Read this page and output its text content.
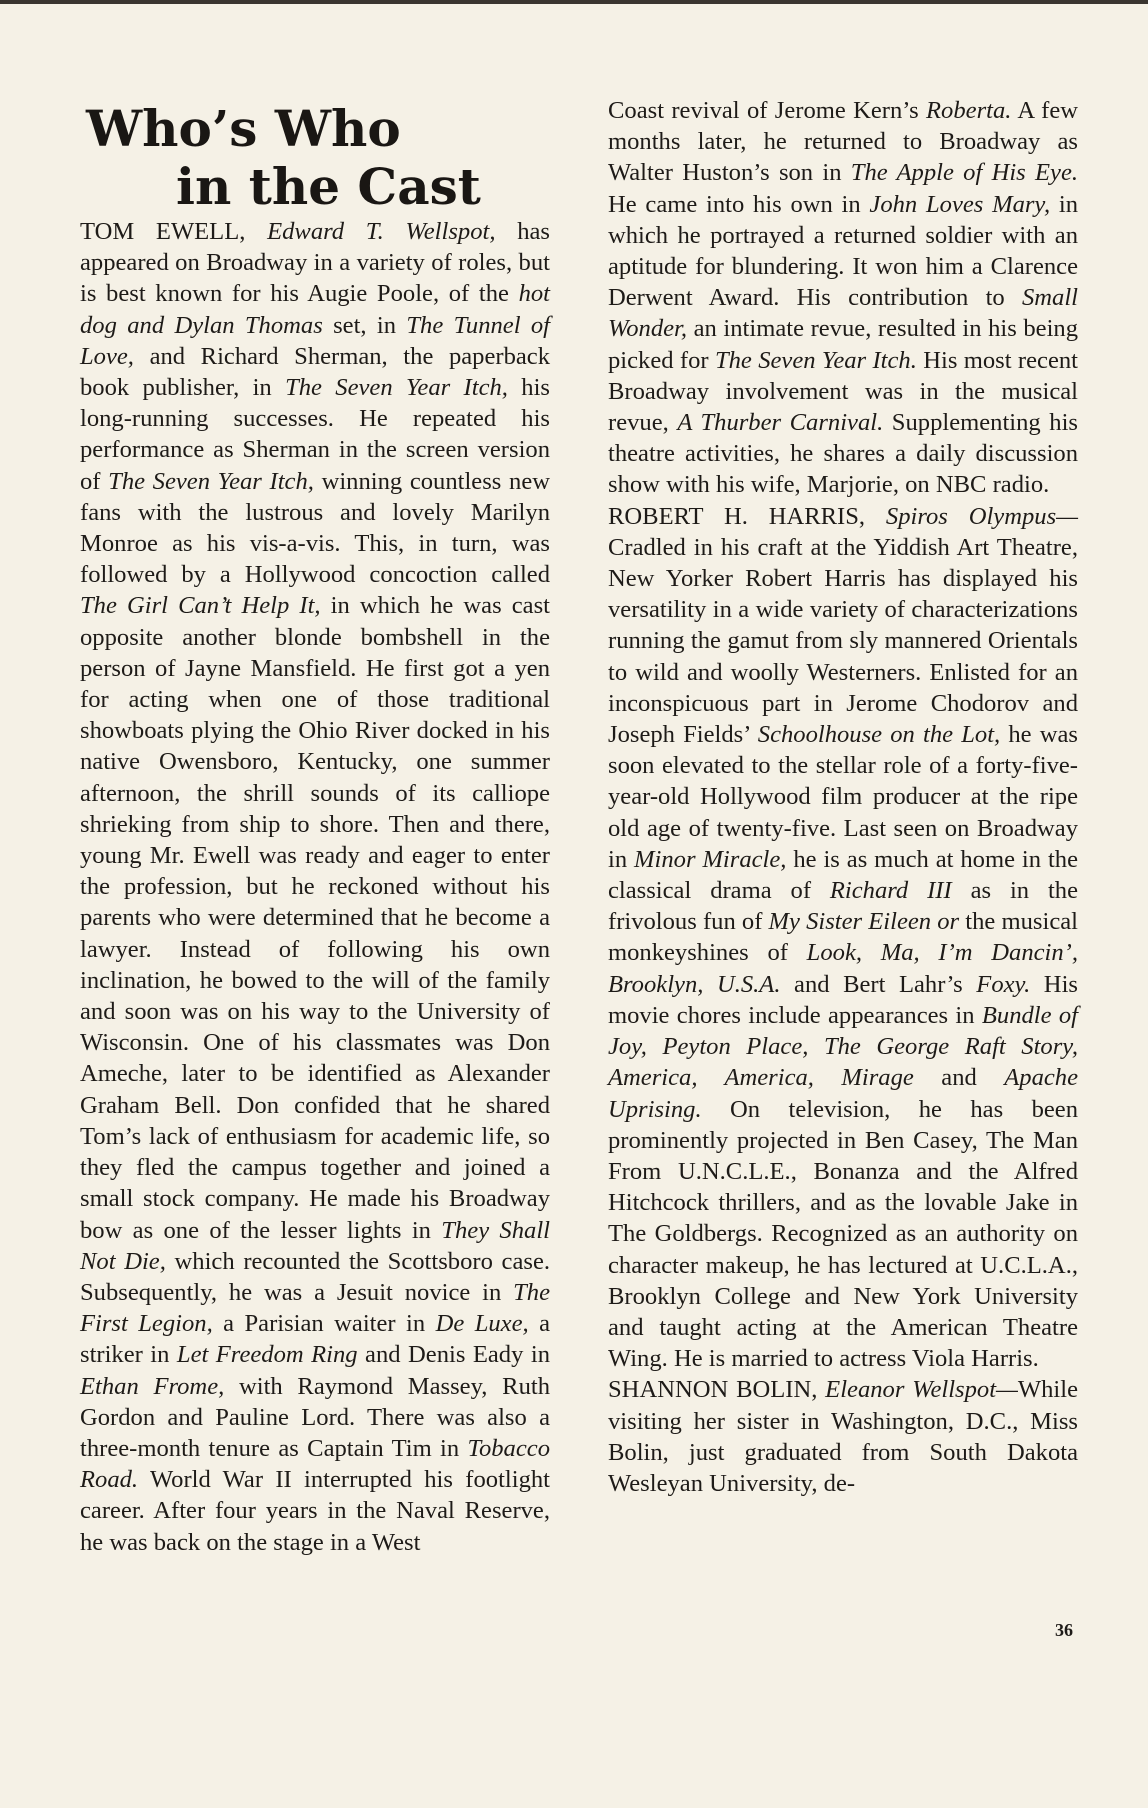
Who’s Who
in the Cast

TOM EWELL, Edward T. Wellspot, has appeared on Broadway in a variety of roles, but is best known for his Augie Poole, of the hot dog and Dylan Thomas set, in The Tunnel of Love, and Richard Sherman, the paperback book publisher, in The Seven Year Itch, his long-running successes. He repeated his performance as Sherman in the screen version of The Seven Year Itch, winning countless new fans with the lustrous and lovely Marilyn Monroe as his vis-a-vis. This, in turn, was followed by a Hollywood concoction called The Girl Can’t Help It, in which he was cast opposite another blonde bombshell in the person of Jayne Mansfield. He first got a yen for acting when one of those traditional showboats plying the Ohio River docked in his native Owensboro, Kentucky, one summer afternoon, the shrill sounds of its calliope shrieking from ship to shore. Then and there, young Mr. Ewell was ready and eager to enter the profession, but he reckoned without his parents who were determined that he become a lawyer. Instead of following his own inclination, he bowed to the will of the family and soon was on his way to the University of Wisconsin. One of his classmates was Don Ameche, later to be identified as Alexander Graham Bell. Don confided that he shared Tom’s lack of enthusiasm for academic life, so they fled the campus together and joined a small stock company. He made his Broadway bow as one of the lesser lights in They Shall Not Die, which recounted the Scottsboro case. Subsequently, he was a Jesuit novice in The First Legion, a Parisian waiter in De Luxe, a striker in Let Freedom Ring and Denis Eady in Ethan Frome, with Raymond Massey, Ruth Gordon and Pauline Lord. There was also a three-month tenure as Captain Tim in Tobacco Road. World War II interrupted his footlight career. After four years in the Naval Reserve, he was back on the stage in a West

Coast revival of Jerome Kern’s Roberta. A few months later, he returned to Broadway as Walter Huston’s son in The Apple of His Eye. He came into his own in John Loves Mary, in which he portrayed a returned soldier with an aptitude for blundering. It won him a Clarence Derwent Award. His contribution to Small Wonder, an intimate revue, resulted in his being picked for The Seven Year Itch. His most recent Broadway involvement was in the musical revue, A Thurber Carnival. Supplementing his theatre activities, he shares a daily discussion show with his wife, Marjorie, on NBC radio.

ROBERT H. HARRIS, Spiros Olympus—Cradled in his craft at the Yiddish Art Theatre, New Yorker Robert Harris has displayed his versatility in a wide variety of characterizations running the gamut from sly mannered Orientals to wild and woolly Westerners. Enlisted for an inconspicuous part in Jerome Chodorov and Joseph Fields’ Schoolhouse on the Lot, he was soon elevated to the stellar role of a forty-five-year-old Hollywood film producer at the ripe old age of twenty-five. Last seen on Broadway in Minor Miracle, he is as much at home in the classical drama of Richard III as in the frivolous fun of My Sister Eileen or the musical monkeyshines of Look, Ma, I’m Dancin’, Brooklyn, U.S.A. and Bert Lahr’s Foxy. His movie chores include appearances in Bundle of Joy, Peyton Place, The George Raft Story, America, America, Mirage and Apache Uprising. On television, he has been prominently projected in Ben Casey, The Man From U.N.C.L.E., Bonanza and the Alfred Hitchcock thrillers, and as the lovable Jake in The Goldbergs. Recognized as an authority on character makeup, he has lectured at U.C.L.A., Brooklyn College and New York University and taught acting at the American Theatre Wing. He is married to actress Viola Harris.

SHANNON BOLIN, Eleanor Wellspot—While visiting her sister in Washington, D.C., Miss Bolin, just graduated from South Dakota Wesleyan University, de-

36
